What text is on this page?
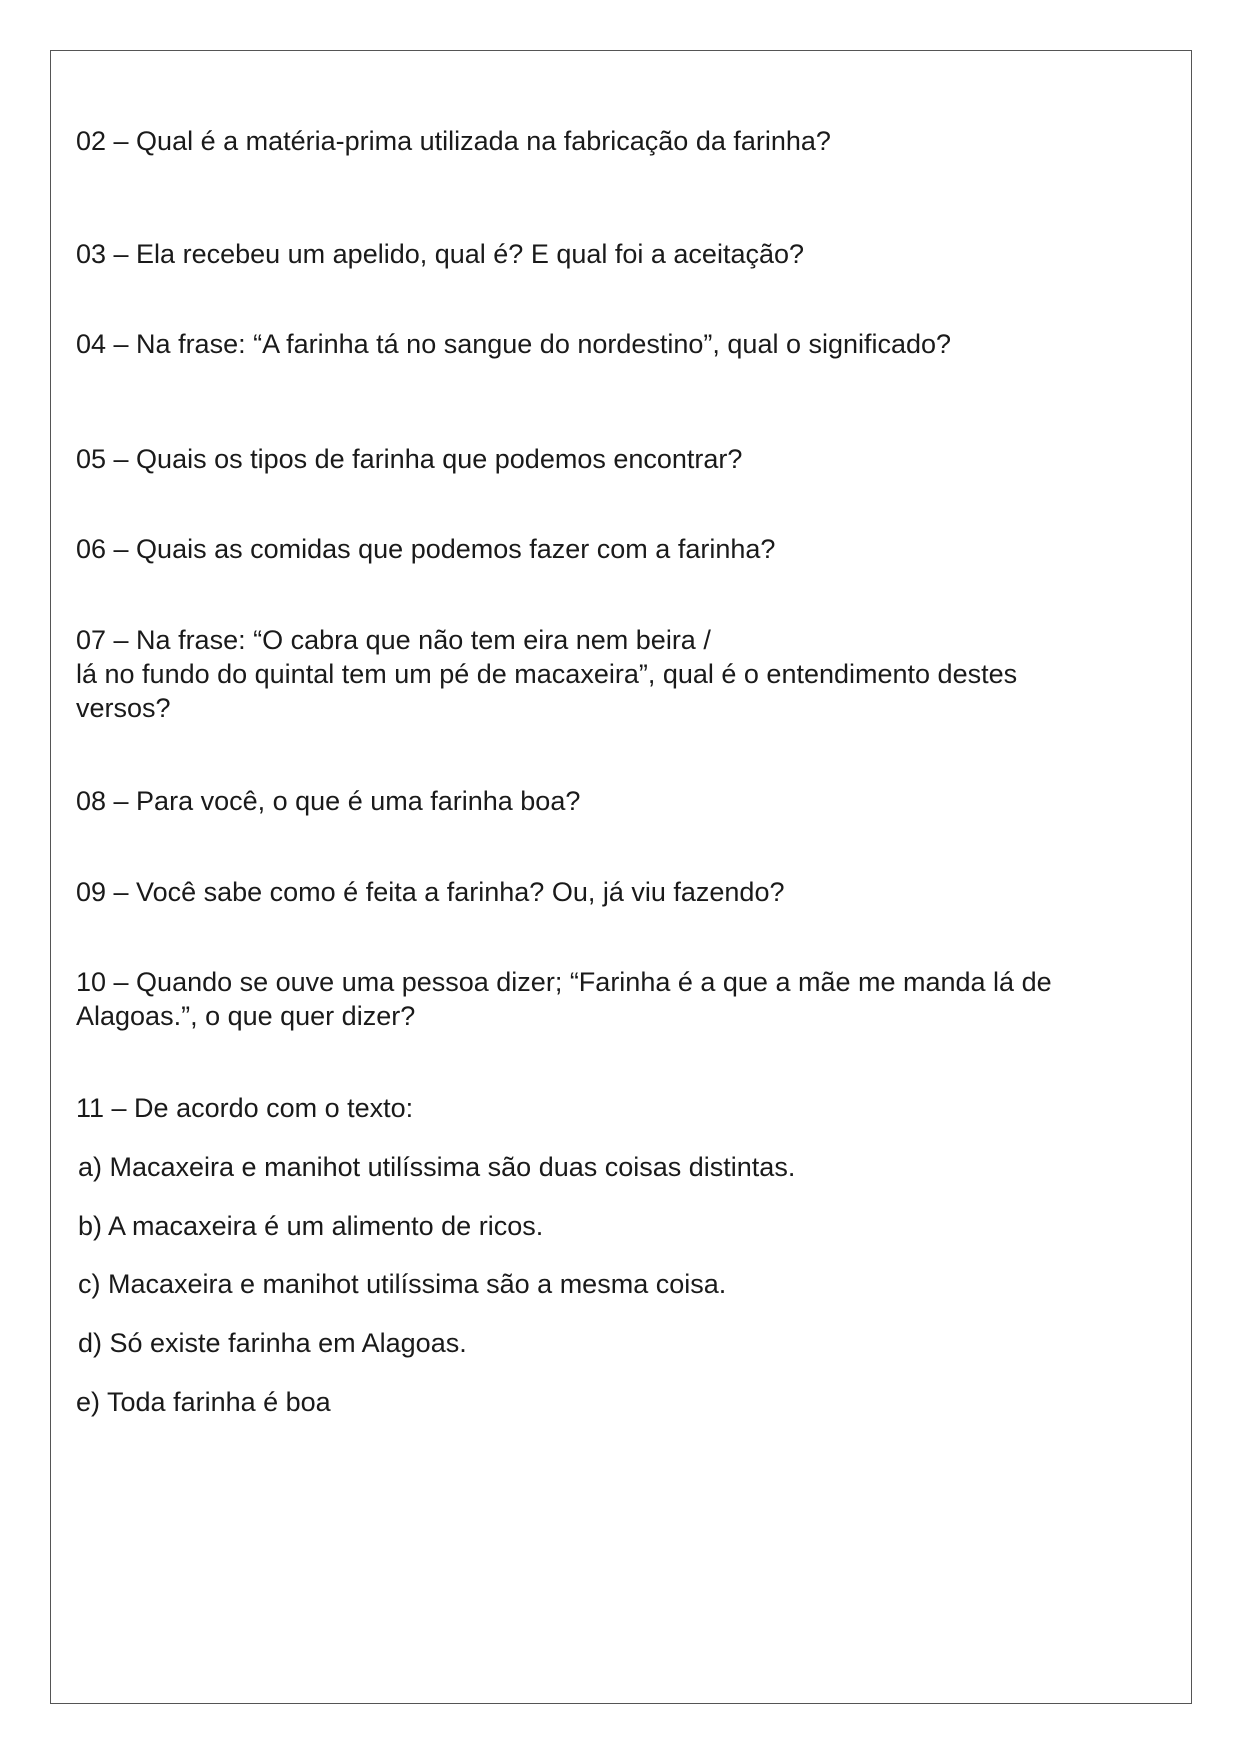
02 – Qual é a matéria-prima utilizada na fabricação da farinha?

03 – Ela recebeu um apelido, qual é? E qual foi a aceitação?

04 – Na frase: “A farinha tá no sangue do nordestino”, qual o significado?

05 – Quais os tipos de farinha que podemos encontrar?

06 – Quais as comidas que podemos fazer com a farinha?

07 – Na frase: “O cabra que não tem eira nem beira /

lá no fundo do quintal tem um pé de macaxeira”, qual é o entendimento destes

versos?

08 – Para você, o que é uma farinha boa?

09 – Você sabe como é feita a farinha? Ou, já viu fazendo?

10 – Quando se ouve uma pessoa dizer; “Farinha é a que a mãe me manda lá de

Alagoas.”, o que quer dizer?

11 – De acordo com o texto:

a) Macaxeira e manihot utilíssima são duas coisas distintas.

b) A macaxeira é um alimento de ricos.

c) Macaxeira e manihot utilíssima são a mesma coisa.

d) Só existe farinha em Alagoas.

e) Toda farinha é boa
